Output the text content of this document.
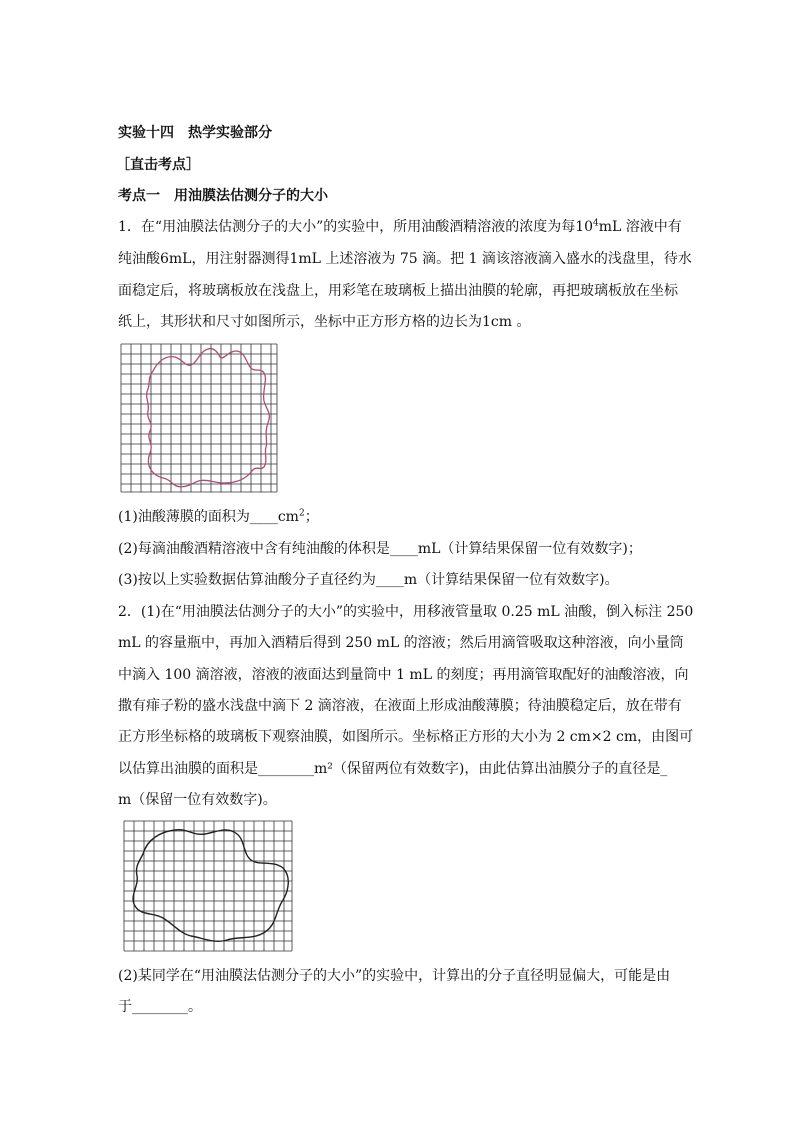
实验十四　热学实验部分
［直击考点］
考点一　用油膜法估测分子的大小
1．在“用油膜法估测分子的大小”的实验中，所用油酸酒精溶液的浓度为每$10^4mL$ 溶液中有
纯油酸6mL，用注射器测得1mL 上述溶液为 75 滴。把 1 滴该溶液滴入盛水的浅盘里，待水
面稳定后，将玻璃板放在浅盘上，用彩笔在玻璃板上描出油膜的轮廓，再把玻璃板放在坐标
纸上，其形状和尺寸如图所示，坐标中正方形方格的边长为1cm 。
(1)油酸薄膜的面积为$\_\_\_\_cm^2$；
(2)每滴油酸酒精溶液中含有纯油酸的体积是____mL（计算结果保留一位有效数字)；
(3)按以上实验数据估算油酸分子直径约为____m（计算结果保留一位有效数字)。
2．(1)在“用油膜法估测分子的大小”的实验中，用移液管量取 0.25 mL 油酸，倒入标注 250
mL 的容量瓶中，再加入酒精后得到 250 mL 的溶液；然后用滴管吸取这种溶液，向小量筒
中滴入 100 滴溶液，溶液的液面达到量筒中 1 mL 的刻度；再用滴管取配好的油酸溶液，向
撒有痱子粉的盛水浅盘中滴下 2 滴溶液，在液面上形成油酸薄膜；待油膜稳定后，放在带有
正方形坐标格的玻璃板下观察油膜，如图所示。坐标格正方形的大小为 2 cm×2 cm，由图可
以估算出油膜的面积是________m²（保留两位有效数字)，由此估算出油膜分子的直径是_
m（保留一位有效数字)。
(2)某同学在“用油膜法估测分子的大小”的实验中，计算出的分子直径明显偏大，可能是由
于________。
